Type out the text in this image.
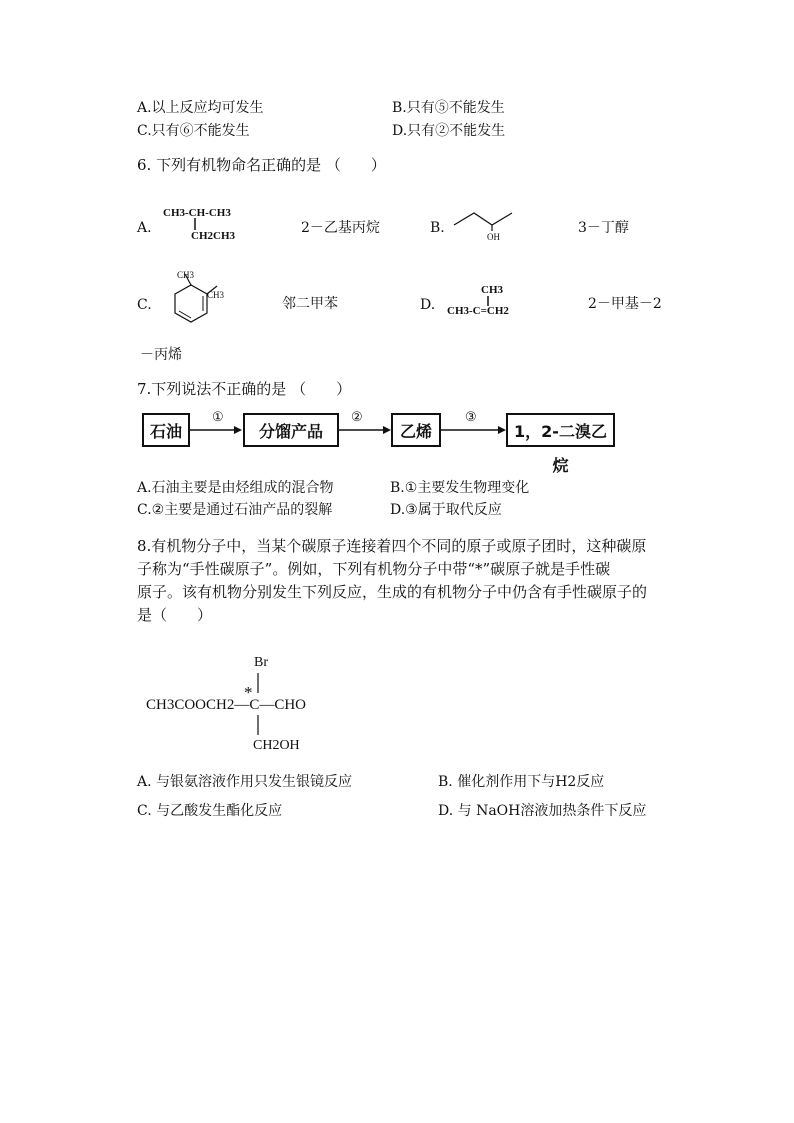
A.以上反应均可发生	B.只有⑤不能发生
C.只有⑥不能发生	D.只有②不能发生
6. 下列有机物命名正确的是 （　　）
A.
CH3-CH-CH3
CH2CH3	2－乙基丙烷	B.
OH
3－丁醇
C.
CH3
CH3
邻二甲苯	D.
CH3
CH3-C=CH2	2－甲基－2
－丙烯
7.下列说法不正确的是 （　　）
石油	分馏产品	乙烯	1，2-二溴乙烷
①	②	③
A.石油主要是由烃组成的混合物	B.①主要发生物理变化
C.②主要是通过石油产品的裂解	D.③属于取代反应
8.有机物分子中，当某个碳原子连接着四个不同的原子或原子团时，这种碳原
子称为“手性碳原子”。例如，下列有机物分子中带“*”碳原子就是手性碳
原子。该有机物分别发生下列反应，生成的有机物分子中仍含有手性碳原子的
是（　　）
Br
*
CH3COOCH2—C—CHO
CH2OH
A. 与银氨溶液作用只发生银镜反应	B. 催化剂作用下与H2反应
C. 与乙酸发生酯化反应	D. 与 NaOH溶液加热条件下反应
